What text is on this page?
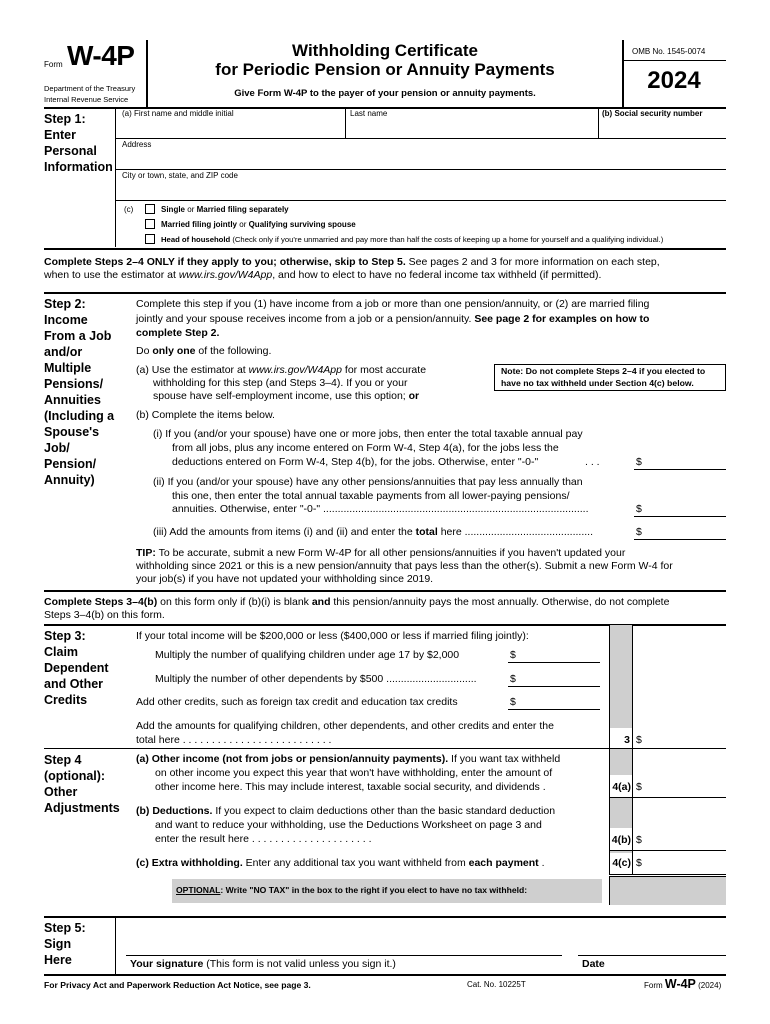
Form W-4P
Department of the Treasury
Internal Revenue Service
Withholding Certificate
for Periodic Pension or Annuity Payments
Give Form W-4P to the payer of your pension or annuity payments.
OMB No. 1545-0074
2024
Step 1:
Enter
Personal
Information
(a) First name and middle initial	Last name	(b) Social security number
Address
City or town, state, and ZIP code
(c)	Single or Married filing separately
Married filing jointly or Qualifying surviving spouse
Head of household (Check only if you're unmarried and pay more than half the costs of keeping up a home for yourself and a qualifying individual.)
Complete Steps 2–4 ONLY if they apply to you; otherwise, skip to Step 5. See pages 2 and 3 for more information on each step,
when to use the estimator at www.irs.gov/W4App, and how to elect to have no federal income tax withheld (if permitted).
Step 2:
Income
From a Job
and/or
Multiple
Pensions/
Annuities
(Including a
Spouse's
Job/
Pension/
Annuity)
Complete this step if you (1) have income from a job or more than one pension/annuity, or (2) are married filing
jointly and your spouse receives income from a job or a pension/annuity. See page 2 for examples on how to
complete Step 2.
Do only one of the following.
(a) Use the estimator at www.irs.gov/W4App for most accurate
withholding for this step (and Steps 3–4). If you or your
spouse have self-employment income, use this option; or
Note: Do not complete Steps 2–4 if you elected to
have no tax withheld under Section 4(c) below.
(b) Complete the items below.
(i) If you (and/or your spouse) have one or more jobs, then enter the total taxable annual pay
from all jobs, plus any income entered on Form W-4, Step 4(a), for the jobs less the
deductions entered on Form W-4, Step 4(b), for the jobs. Otherwise, enter "-0-"	. . .	$
(ii) If you (and/or your spouse) have any other pensions/annuities that pay less annually than
this one, then enter the total annual taxable payments from all lower-paying pensions/
annuities. Otherwise, enter "-0-" ...........................................................................................	$
(iii) Add the amounts from items (i) and (ii) and enter the total here ............................................	$
TIP: To be accurate, submit a new Form W-4P for all other pensions/annuities if you haven't updated your
withholding since 2021 or this is a new pension/annuity that pays less than the other(s). Submit a new Form W-4 for
your job(s) if you have not updated your withholding since 2019.
Complete Steps 3–4(b) on this form only if (b)(i) is blank and this pension/annuity pays the most annually. Otherwise, do not complete
Steps 3–4(b) on this form.
Step 3:
Claim
Dependent
and Other
Credits
If your total income will be $200,000 or less ($400,000 or less if married filing jointly):
Multiply the number of qualifying children under age 17 by $2,000	$
Multiply the number of other dependents by $500 ...............................	$
Add other credits, such as foreign tax credit and education tax credits	$
Add the amounts for qualifying children, other dependents, and other credits and enter the
total here . . . . . . . . . . . . . . . . . . . . . . . . . .	3 $
Step 4
(optional):
Other
Adjustments
(a) Other income (not from jobs or pension/annuity payments). If you want tax withheld
on other income you expect this year that won't have withholding, enter the amount of
other income here. This may include interest, taxable social security, and dividends .
(b) Deductions. If you expect to claim deductions other than the basic standard deduction
and want to reduce your withholding, use the Deductions Worksheet on page 3 and
enter the result here . . . . . . . . . . . . . . . . . . . . .
(c) Extra withholding. Enter any additional tax you want withheld from each payment .
4(a) $
4(b) $
4(c) $
OPTIONAL: Write "NO TAX" in the box to the right if you elect to have no tax withheld:
Step 5:
Sign
Here	Your signature (This form is not valid unless you sign it.)	Date
For Privacy Act and Paperwork Reduction Act Notice, see page 3.	Cat. No. 10225T	Form W-4P (2024)
